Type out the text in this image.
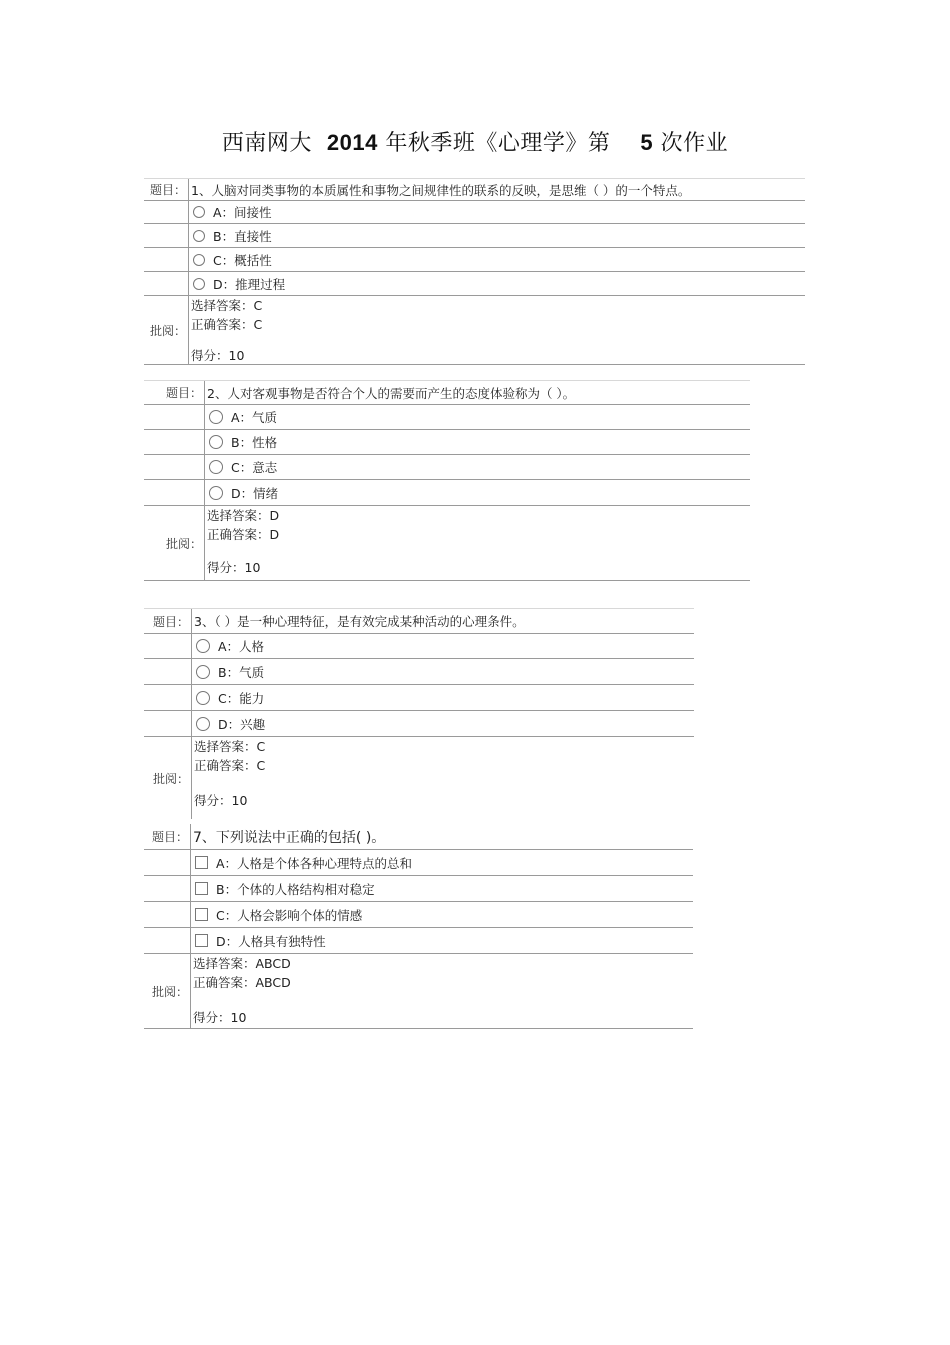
西南网大 2014 年秋季班《心理学》第 5 次作业
题目： 1、人脑对同类事物的本质属性和事物之间规律性的联系的反映，是思维（ ）的一个特点。
A：间接性
B：直接性
C：概括性
D：推理过程
批阅：
选择答案：C
正确答案：C
得分：10
题目： 2、人对客观事物是否符合个人的需要而产生的态度体验称为（ ）。
A：气质
B：性格
C：意志
D：情绪
批阅：
选择答案：D
正确答案：D
得分：10
题目： 3、（ ）是一种心理特征，是有效完成某种活动的心理条件。
A：人格
B：气质
C：能力
D：兴趣
批阅：
选择答案：C
正确答案：C
得分：10
题目： 7、下列说法中正确的包括( )。
A：人格是个体各种心理特点的总和
B：个体的人格结构相对稳定
C：人格会影响个体的情感
D：人格具有独特性
批阅：
选择答案：ABCD
正确答案：ABCD
得分：10
